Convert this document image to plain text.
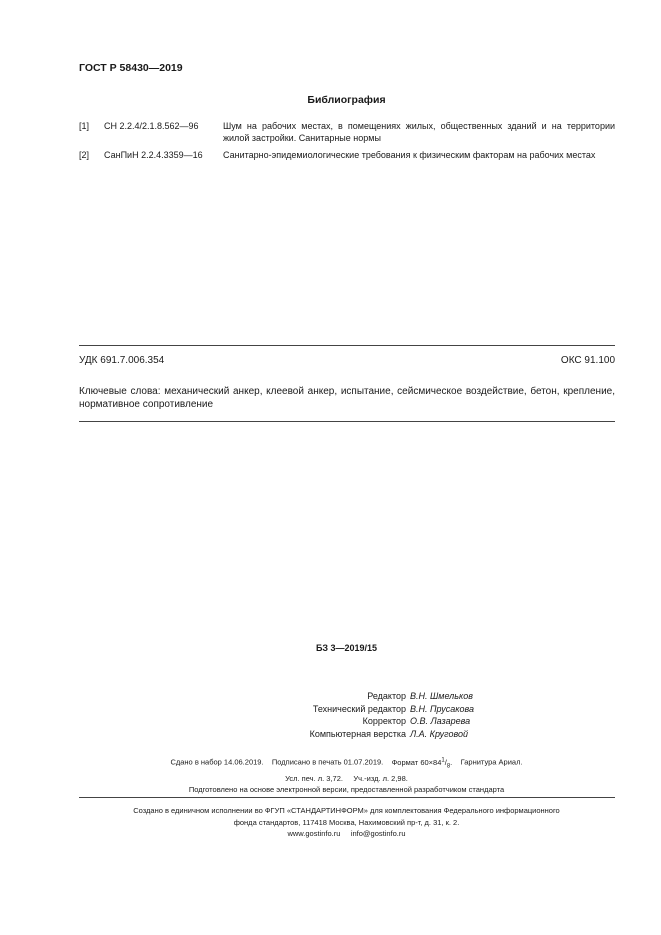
ГОСТ Р 58430—2019
Библиография
[1] СН 2.2.4/2.1.8.562—96	Шум на рабочих местах, в помещениях жилых, общественных зданий и на территории жилой застройки. Санитарные нормы
[2] СанПиН 2.2.4.3359—16 Санитарно-эпидемиологические требования к физическим факторам на рабочих местах
УДК 691.7.006.354	ОКС 91.100
Ключевые слова: механический анкер, клеевой анкер, испытание, сейсмическое воздействие, бетон, крепление, нормативное сопротивление
БЗ 3—2019/15
Редактор В.Н. Шмельков
Технический редактор В.Н. Прусакова
Корректор О.В. Лазарева
Компьютерная верстка Л.А. Круговой
Сдано в набор 14.06.2019. Подписано в печать 01.07.2019. Формат $60\times 84^1/_8$. Гарнитура Ариал.
Усл. печ. л. 3,72. Уч.-изд. л. 2,98.
Подготовлено на основе электронной версии, предоставленной разработчиком стандарта
Создано в единичном исполнении во ФГУП «СТАНДАРТИНФОРМ» для комплектования Федерального информационного
фонда стандартов, 117418 Москва, Нахимовский пр-т, д. 31, к. 2.
www.gostinfo.ru info@gostinfo.ru
